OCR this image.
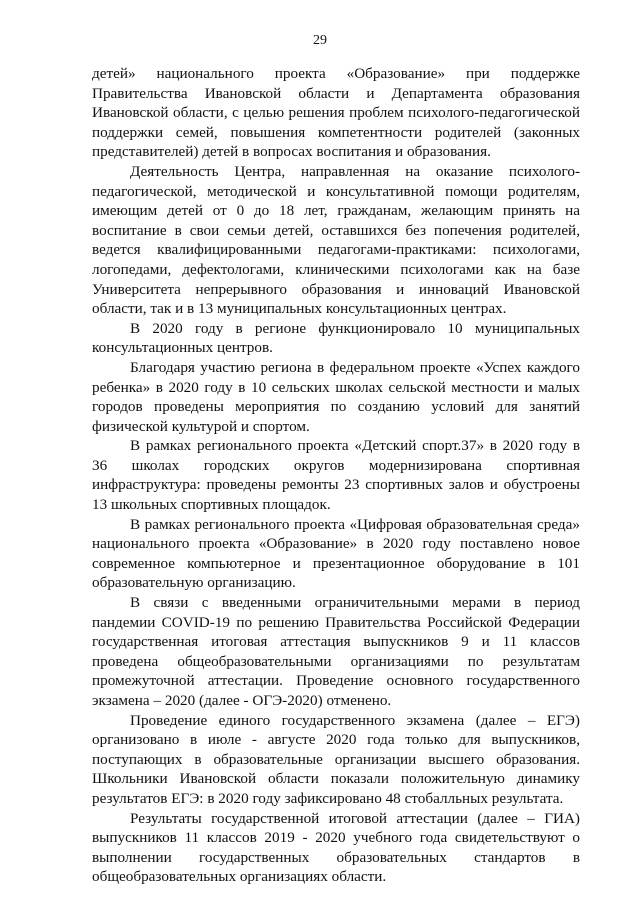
29

детей» национального проекта «Образование» при поддержке Правительства Ивановской области и Департамента образования Ивановской области, с целью решения проблем психолого-педагогической поддержки семей, повышения компетентности родителей (законных представителей) детей в вопросах воспитания и образования.

Деятельность Центра, направленная на оказание психолого-педагогической, методической и консультативной помощи родителям, имеющим детей от 0 до 18 лет, гражданам, желающим принять на воспитание в свои семьи детей, оставшихся без попечения родителей, ведется квалифицированными педагогами-практиками: психологами, логопедами, дефектологами, клиническими психологами как на базе Университета непрерывного образования и инноваций Ивановской области, так и в 13 муниципальных консультационных центрах.

В 2020 году в регионе функционировало 10 муниципальных консультационных центров.

Благодаря участию региона в федеральном проекте «Успех каждого ребенка» в 2020 году в 10 сельских школах сельской местности и малых городов проведены мероприятия по созданию условий для занятий физической культурой и спортом.

В рамках регионального проекта «Детский спорт.37» в 2020 году в 36 школах городских округов модернизирована спортивная инфраструктура: проведены ремонты 23 спортивных залов и обустроены 13 школьных спортивных площадок.

В рамках регионального проекта «Цифровая образовательная среда» национального проекта «Образование» в 2020 году поставлено новое современное компьютерное и презентационное оборудование в 101 образовательную организацию.

В связи с введенными ограничительными мерами в период пандемии COVID-19 по решению Правительства Российской Федерации государственная итоговая аттестация выпускников 9 и 11 классов проведена общеобразовательными организациями по результатам промежуточной аттестации. Проведение основного государственного экзамена – 2020 (далее - ОГЭ-2020) отменено.

Проведение единого государственного экзамена (далее – ЕГЭ) организовано в июле - августе 2020 года только для выпускников, поступающих в образовательные организации высшего образования. Школьники Ивановской области показали положительную динамику результатов ЕГЭ: в 2020 году зафиксировано 48 стобалльных результата.

Результаты государственной итоговой аттестации (далее – ГИА) выпускников 11 классов 2019 - 2020 учебного года свидетельствуют о выполнении государственных образовательных стандартов в общеобразовательных организациях области.
